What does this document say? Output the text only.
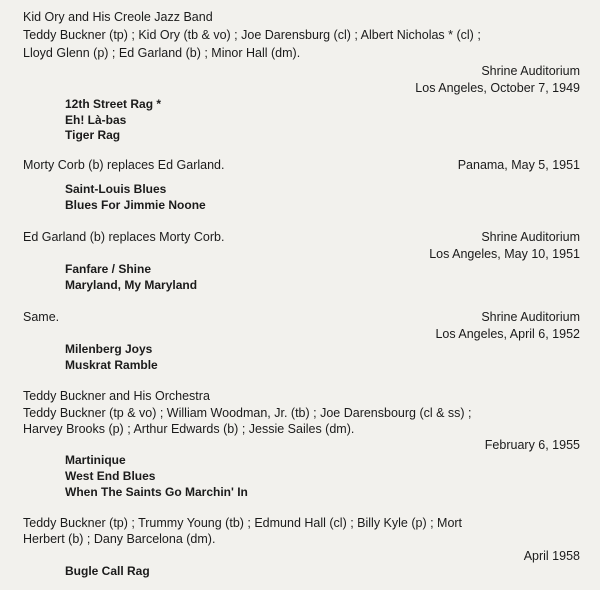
Kid Ory and His Creole Jazz Band
Teddy Buckner (tp) ; Kid Ory (tb & vo) ; Joe Darensburg (cl) ; Albert Nicholas * (cl) ;
Lloyd Glenn (p) ; Ed Garland (b) ; Minor Hall (dm).
Shrine Auditorium
Los Angeles, October 7, 1949
12th Street Rag *
Eh! Là-bas
Tiger Rag
Morty Corb (b) replaces Ed Garland.	Panama, May 5, 1951
Saint-Louis Blues
Blues For Jimmie Noone
Ed Garland (b) replaces Morty Corb.	Shrine Auditorium
Los Angeles, May 10, 1951
Fanfare / Shine
Maryland, My Maryland
Same.	Shrine Auditorium
Los Angeles, April 6, 1952
Milenberg Joys
Muskrat Ramble
Teddy Buckner and His Orchestra
Teddy Buckner (tp & vo) ; William Woodman, Jr. (tb) ; Joe Darensbourg (cl & ss) ;
Harvey Brooks (p) ; Arthur Edwards (b) ; Jessie Sailes (dm).
February 6, 1955
Martinique
West End Blues
When The Saints Go Marchin' In
Teddy Buckner (tp) ; Trummy Young (tb) ; Edmund Hall (cl) ; Billy Kyle (p) ; Mort
Herbert (b) ; Dany Barcelona (dm).
April 1958
Bugle Call Rag
